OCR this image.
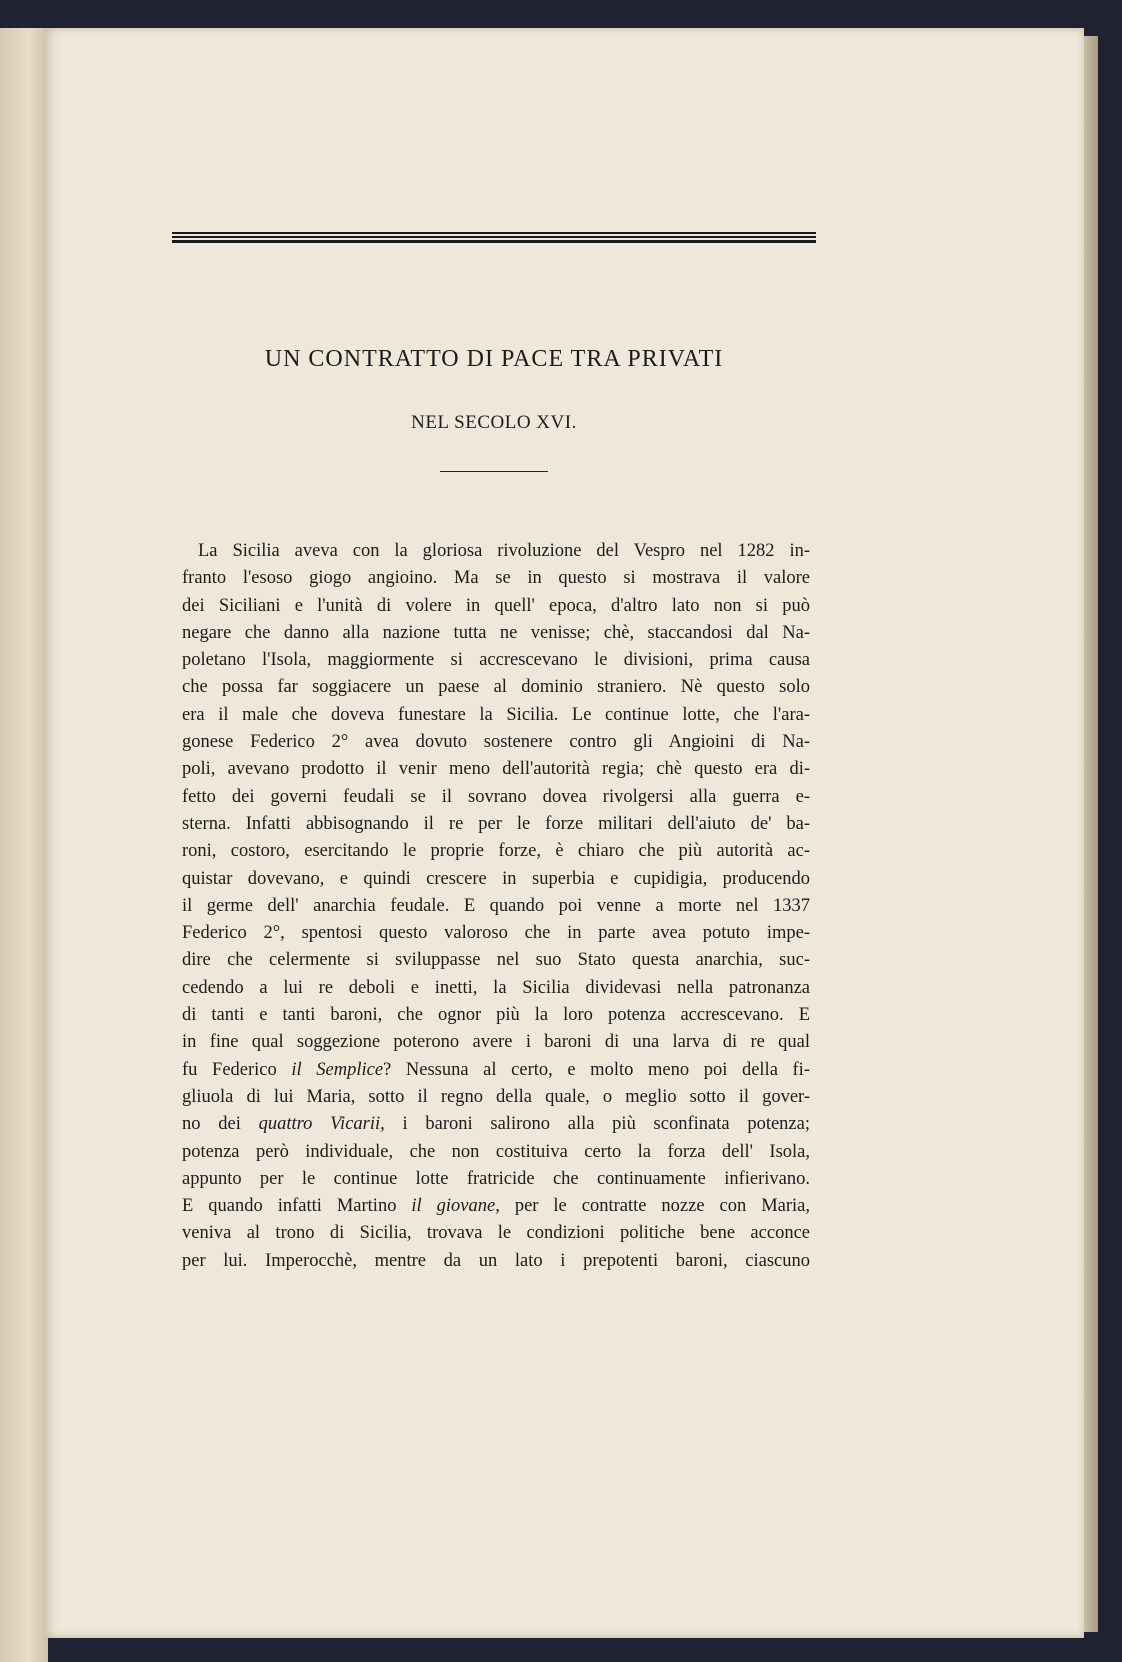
UN CONTRATTO DI PACE TRA PRIVATI
NEL SECOLO XVI.
La Sicilia aveva con la gloriosa rivoluzione del Vespro nel 1282 in-
franto l'esoso giogo angioino. Ma se in questo si mostrava il valore
dei Siciliani e l'unità di volere in quell' epoca, d'altro lato non si può
negare che danno alla nazione tutta ne venisse; chè, staccandosi dal Na-
poletano l'Isola, maggiormente si accrescevano le divisioni, prima causa
che possa far soggiacere un paese al dominio straniero. Nè questo solo
era il male che doveva funestare la Sicilia. Le continue lotte, che l'ara-
gonese Federico 2° avea dovuto sostenere contro gli Angioini di Na-
poli, avevano prodotto il venir meno dell'autorità regia; chè questo era di-
fetto dei governi feudali se il sovrano dovea rivolgersi alla guerra e-
sterna. Infatti abbisognando il re per le forze militari dell'aiuto de' ba-
roni, costoro, esercitando le proprie forze, è chiaro che più autorità ac-
quistar dovevano, e quindi crescere in superbia e cupidigia, producendo
il germe dell' anarchia feudale. E quando poi venne a morte nel 1337
Federico 2°, spentosi questo valoroso che in parte avea potuto impe-
dire che celermente si sviluppasse nel suo Stato questa anarchia, suc-
cedendo a lui re deboli e inetti, la Sicilia dividevasi nella patronanza
di tanti e tanti baroni, che ognor più la loro potenza accrescevano. E
in fine qual soggezione poterono avere i baroni di una larva di re qual
fu Federico il Semplice? Nessuna al certo, e molto meno poi della fi-
gliuola di lui Maria, sotto il regno della quale, o meglio sotto il gover-
no dei quattro Vicarii, i baroni salirono alla più sconfinata potenza;
potenza però individuale, che non costituiva certo la forza dell' Isola,
appunto per le continue lotte fratricide che continuamente infierivano.
E quando infatti Martino il giovane, per le contratte nozze con Maria,
veniva al trono di Sicilia, trovava le condizioni politiche bene acconce
per lui. Imperocchè, mentre da un lato i prepotenti baroni, ciascuno
